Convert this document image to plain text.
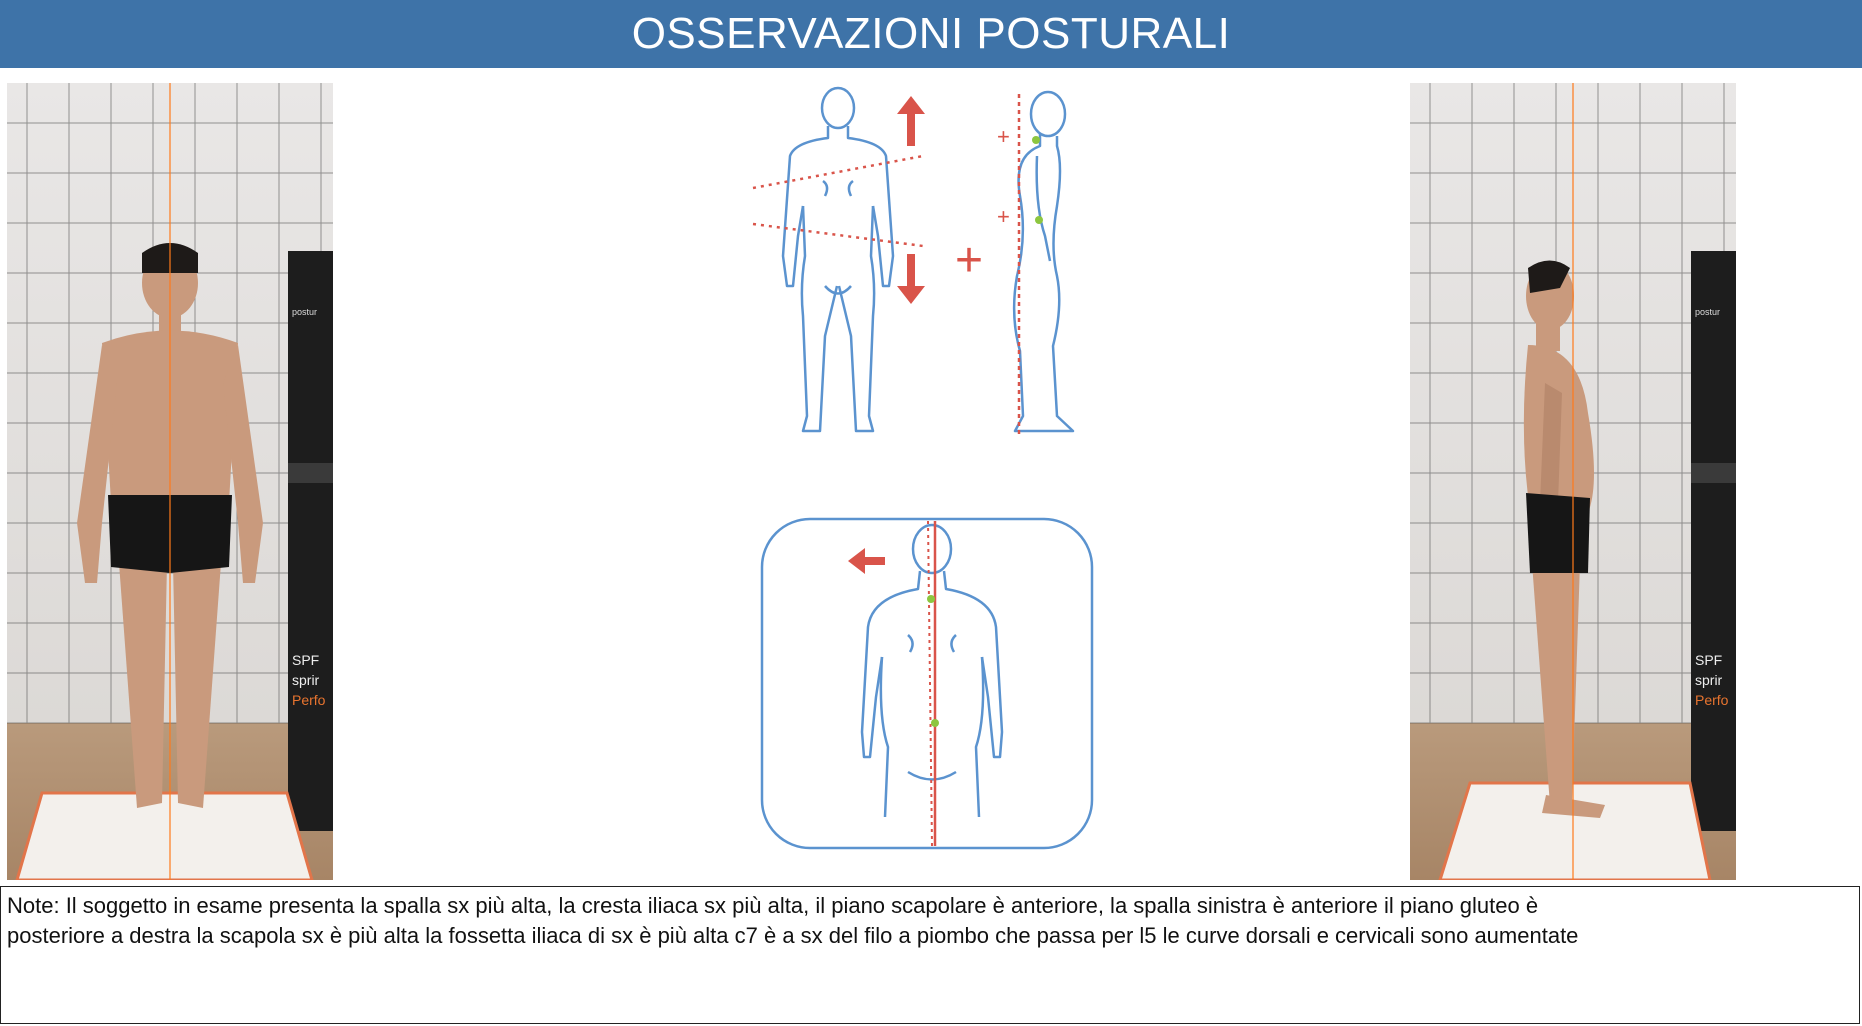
OSSERVAZIONI POSTURALI
postur
SPF
sprir
Perfo
postur
SPF
sprir
Perfo
+
+
+

Note: Il soggetto in esame presenta la spalla sx più alta, la cresta iliaca sx più alta, il piano scapolare è anteriore, la spalla sinistra è anteriore il piano gluteo è

posteriore a destra la scapola sx è più alta la fossetta iliaca di sx è più alta c7 è a sx del filo a piombo che passa per l5 le curve dorsali e cervicali sono aumentate
